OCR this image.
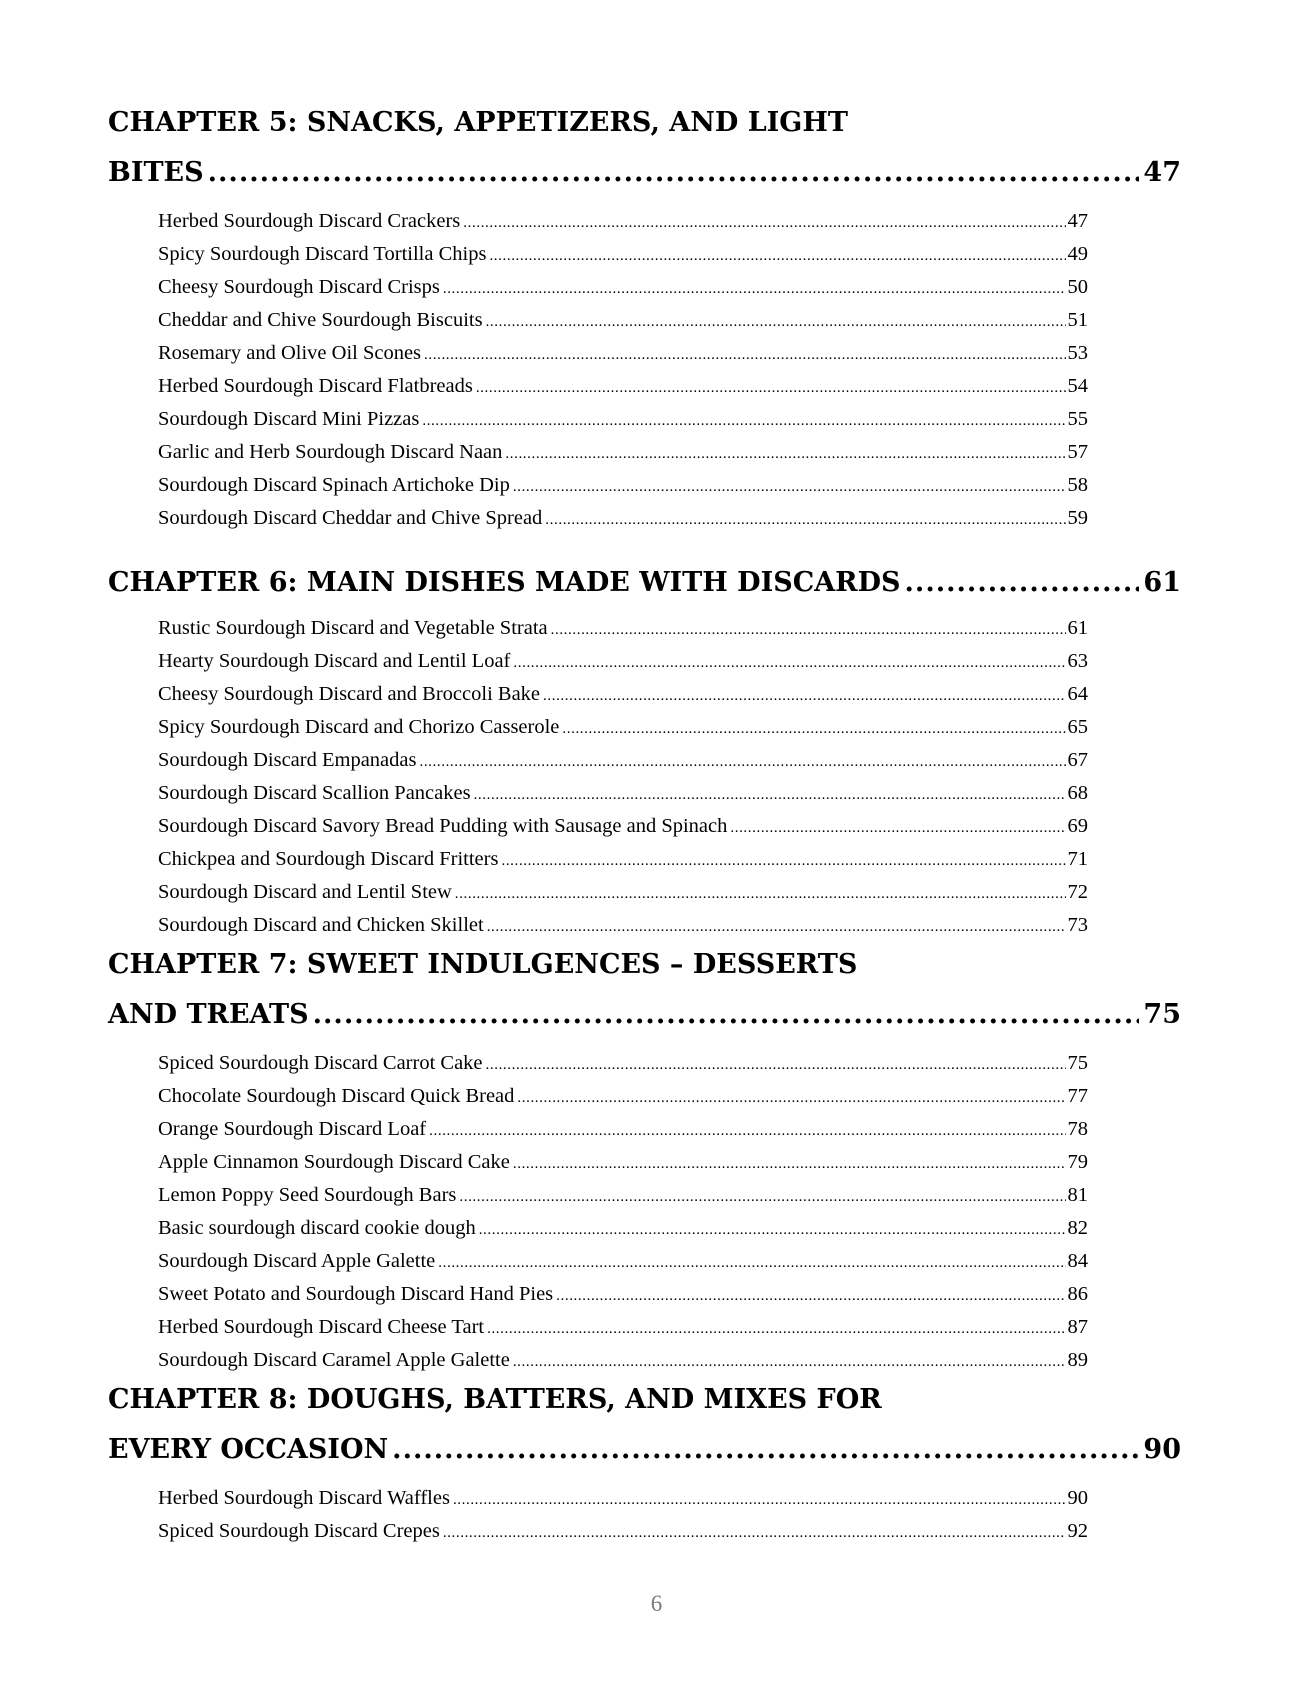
CHAPTER 5: SNACKS, APPETIZERS, AND LIGHT
BITES .....	47
Herbed Sourdough Discard Crackers .....	47
Spicy Sourdough Discard Tortilla Chips .....	49
Cheesy Sourdough Discard Crisps .....	50
Cheddar and Chive Sourdough Biscuits .....	51
Rosemary and Olive Oil Scones .....	53
Herbed Sourdough Discard Flatbreads .....	54
Sourdough Discard Mini Pizzas .....	55
Garlic and Herb Sourdough Discard Naan .....	57
Sourdough Discard Spinach Artichoke Dip .....	58
Sourdough Discard Cheddar and Chive Spread .....	59
CHAPTER 6: MAIN DISHES MADE WITH DISCARDS .....	61
Rustic Sourdough Discard and Vegetable Strata .....	61
Hearty Sourdough Discard and Lentil Loaf .....	63
Cheesy Sourdough Discard and Broccoli Bake .....	64
Spicy Sourdough Discard and Chorizo Casserole .....	65
Sourdough Discard Empanadas .....	67
Sourdough Discard Scallion Pancakes .....	68
Sourdough Discard Savory Bread Pudding with Sausage and Spinach .....	69
Chickpea and Sourdough Discard Fritters .....	71
Sourdough Discard and Lentil Stew .....	72
Sourdough Discard and Chicken Skillet .....	73
CHAPTER 7: SWEET INDULGENCES – DESSERTS
AND TREATS .....	75
Spiced Sourdough Discard Carrot Cake .....	75
Chocolate Sourdough Discard Quick Bread .....	77
Orange Sourdough Discard Loaf .....	78
Apple Cinnamon Sourdough Discard Cake .....	79
Lemon Poppy Seed Sourdough Bars .....	81
Basic sourdough discard cookie dough .....	82
Sourdough Discard Apple Galette .....	84
Sweet Potato and Sourdough Discard Hand Pies .....	86
Herbed Sourdough Discard Cheese Tart .....	87
Sourdough Discard Caramel Apple Galette .....	89
CHAPTER 8: DOUGHS, BATTERS, AND MIXES FOR
EVERY OCCASION .....	90
Herbed Sourdough Discard Waffles .....	90
Spiced Sourdough Discard Crepes .....	92
6
